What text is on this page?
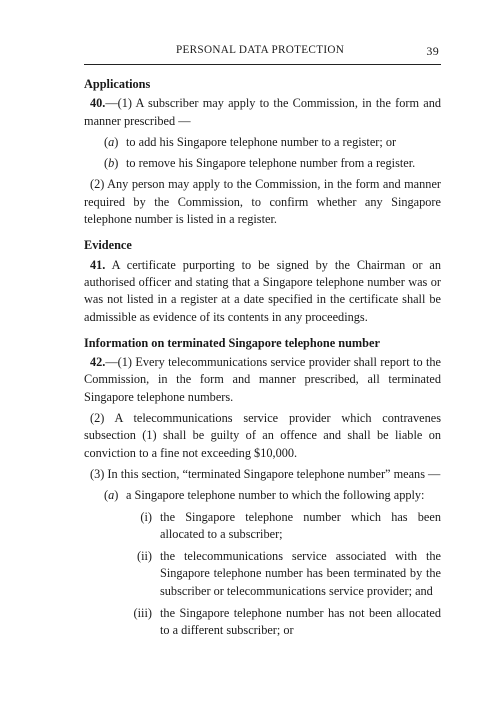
PERSONAL DATA PROTECTION	39
Applications

40.—(1) A subscriber may apply to the Commission, in the form and manner prescribed —

(a) to add his Singapore telephone number to a register; or
(b) to remove his Singapore telephone number from a register.

(2) Any person may apply to the Commission, in the form and manner required by the Commission, to confirm whether any Singapore telephone number is listed in a register.

Evidence

41. A certificate purporting to be signed by the Chairman or an authorised officer and stating that a Singapore telephone number was or was not listed in a register at a date specified in the certificate shall be admissible as evidence of its contents in any proceedings.

Information on terminated Singapore telephone number

42.—(1) Every telecommunications service provider shall report to the Commission, in the form and manner prescribed, all terminated Singapore telephone numbers.

(2) A telecommunications service provider which contravenes subsection (1) shall be guilty of an offence and shall be liable on conviction to a fine not exceeding $10,000.

(3) In this section, “terminated Singapore telephone number” means —

(a) a Singapore telephone number to which the following apply:
(i) the Singapore telephone number which has been allocated to a subscriber;
(ii) the telecommunications service associated with the Singapore telephone number has been terminated by the subscriber or telecommunications service provider; and
(iii) the Singapore telephone number has not been allocated to a different subscriber; or
